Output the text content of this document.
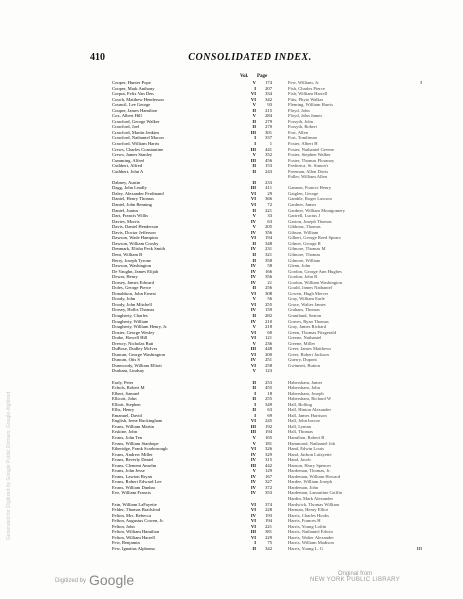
410	CONSOLIDATED INDEX.
Vol. Page
Cooper, Hunter Pope	V	174
Cooper, Mark Anthony	I	207
Corput, Felix Van Den	VI	334
Couch, Matthew Henderson	VI	342
Council, Lee George	V	93
Couper, James Hamilton	II	215
Cox, Albert Hill	V	284
Crawford, George Walker	II	279
Crawford, Joel	II	270
Crawford, Martin Jenkins	III	301
Crawford, Nathaniel Macon	I	337
Crawford, William Harris	I	1
Crews, Charles Constantine	III	441
Crews, James Stanley	V	352
Cumming, Alfred	III	456
Cuthbert, Alfred	II	153
Cuthbert, John A	II	243
Dabney, Austin	II	233
Dagg, John Leadly	III	411
Daley, Alexander Ferdinand	VI	29
Daniel, Henry Thomas	VI	366
Daniel, John Benning	VI	72
Daniel, Junius	II	221
Dart, Francis Willis	V	33
Davies, Morris	IV	63
Davis, Daniel Henderson	V	205
Davis, Doctor Jefferson	IV	356
Dawson, Wade Hampton	VI	194
Dawson, William Crosby	II	348
Denmark, Elisha Peck Smith	IV	231
Dent, William B	II	321
Berry, Joseph Tyrone	II	358
Dawson, Washington	IV	58
De Vaughn, James Elijah	IV	166
Dewar, Henry	IV	356
Dorsey, James Edward	IV	21
Doles, George Pierce	II	256
Donaldson, John Ernest	VI	308
Doody, John	V	56
Doody, John Mitchell	VI	255
Dorsey, Hollis Thomas	IV	159
Dougherty, Charles	II	282
Dougherty, William	IV	210
Dougherty, William Henry, Jr.	V	218
Dozier, George Wesley	VI	60
Drake, Howell Hill	VI	121
Drewry, Nicholas Butt	V	236
DuBose, Dudley McIver	III	448
Duncan, George Washington	VI	200
Duncan, Otis S	IV	251
Dunwoody, William Elliott	VI	258
Durham, Lindsay	V	123
Early, Peter	II	253
Echols, Robert M	II	455
Elbert, Samuel	I	18
Ellicott, John	II	255
Elliott, Stephen	I	349
Ellis, Henry	II	63
Emanuel, David	I	69
English, Irene Buckingham	VI	245
Evans, William Martin	III	192
Erskine, John	III	194
Evans, John Ten	V	165
Evans, William Stanhope	V	181
Etheridge, Frank Scarborough	VI	326
Evans, Andrew Miller	IV	329
Evans, Beverly Daniel	IV	315
Evans, Clement Anselm	III	442
Evans, John Jesse	V	129
Evans, Lawton Bryan	IV	167
Evans, Robert Edward Lee	IV	327
Evans, William Dunbar	IV	372
Eve, William Francis	IV	353
Fain, William LaFayette	VI	374
Felder, Thomas Brailsford	VI	228
Felton, Mrs. Rebecca	IV	193
Felton, Augustus Cowen, Jr.	VI	194
Felton, John	VI	221
Felton, William Hamilton	III	381
Felton, William Harrell	VI	229
Few, Benjamin	I	75
Few, Ignatius Alphonso	II	342
Few, William, Jr.	I
Fish, Charles Pierce
Fish, William Harrell
Fitts, Phyto Walker
Fleming, William Harris
Floyd, John
Floyd, John James
Forsyth, John
Forsyth, Robert
Fort, Allen
Fort, Tomlinson
Foster, Albert H
Foster, Nathaniel Greene
Foster, Stephen Walker
Foster, Thomas Flournoy
Frederica, St. Simon's
Freeman, Allen Davis
Fuller, William Allen
Gannon, Francis Henry
Gaiglen, George
Gamble, Roger Lawson
Gardner, James
Gardner, William Montgomery
Gartrell, Lucius J
Gaston, Joseph Thomas
Gibbons, Thomas
Gibson, William
Gilbert, George Reed Spears
Gilmer, George R
Gilmore, Thomas M
Gilmore, Thomas
Gilmore, William
Glenn, John
Gordon, George Ann Hughes
Gordon, John B
Gordon, William Washington
Gould, James Nathaniel
Gowen, Hugh Mercer
Gray, William Earle
Grace, Walter James
Graham, Thomas
Grantland, Seaton
Graves, Ryan Thomas
Gray, James Richard
Green, Thomas Fitzgerald
Greene, Nathaniel
Greene, Miller
Greer, James Matthews
Greer, Robert Jackson
Guerry, Dupont
Gwinnett, Button
Habersham, James
Habersham, John
Habersham, Joseph
Habersham, Richard W
Hall, Bolling
Hall, Hinton Alexander
Hall, James Harrison
Hall, John Inscoe
Hall, Lyman
Hall, Thomas
Hamilton, Robert B
Hammond, Nathaniel Job
Hand, Edwin Louis
Hand, Judson Lafayette
Hand, Jacob
Hanson, Harry Spencer
Hardeman, Thomas, Jr.
Hardeman, William Howard
Hardee, William Joseph
Hardeman, John
Hardeman, Lamartine Griffin
Hardin, Mark Alexander
Hardwick, Thomas William
Harman, Henry Elliot
Harris, Charles Hooks
Harris, Frances H
Harris, Young Loftin
Harris, Nathaniel Edwin
Harris, Walter Alexander
Harris, William Madison
Harris, Young L. G	III
Generated for Digitized by Google Public Domain, Google-digitized
Digitized by Google	Original from
NEW YORK PUBLIC LIBRARY
